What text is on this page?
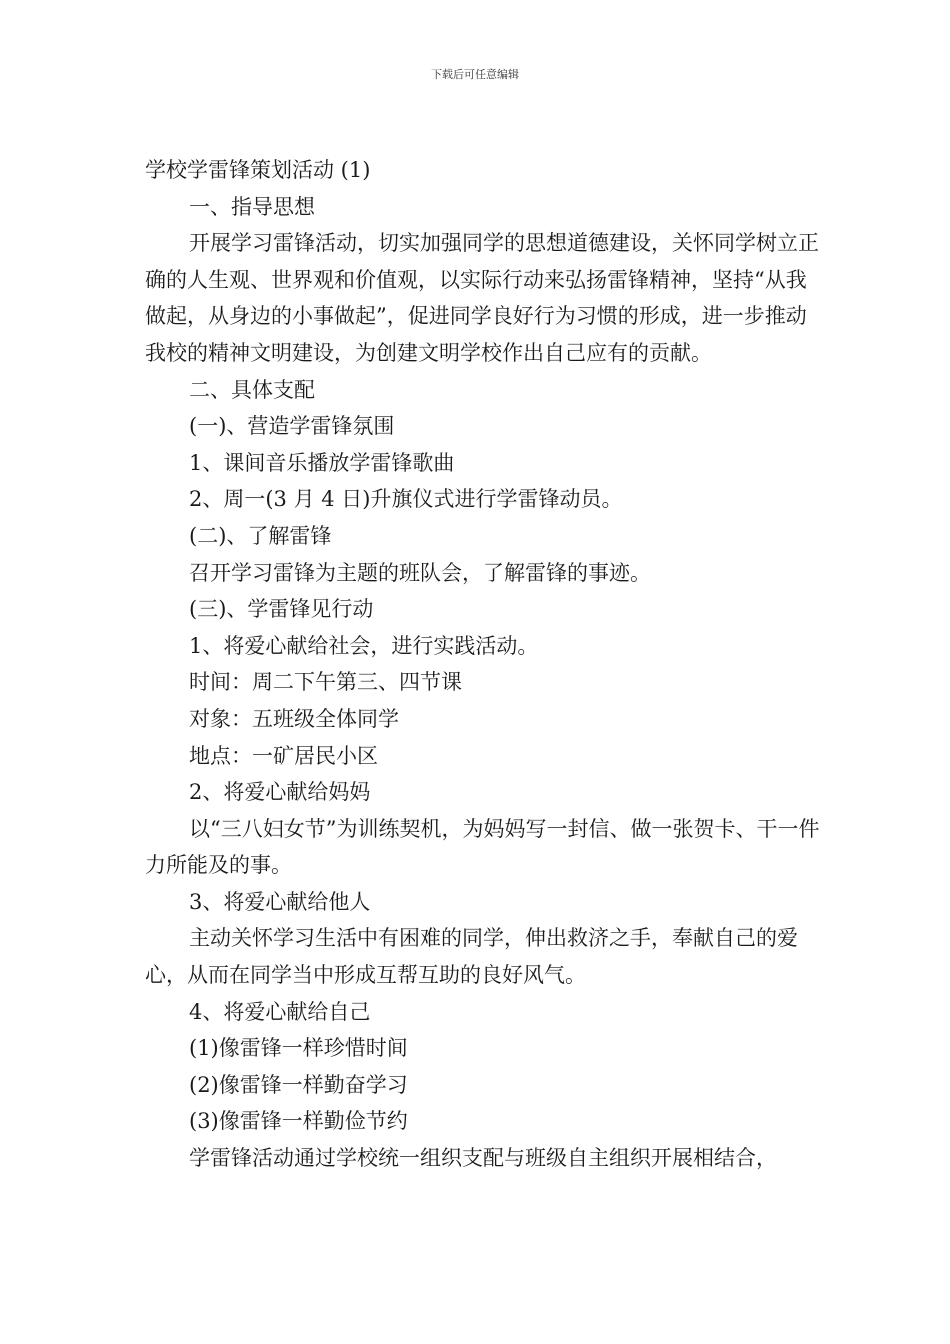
下载后可任意编辑

学校学雷锋策划活动 (1)

一、指导思想

开展学习雷锋活动，切实加强同学的思想道德建设，关怀同学树立正确的人生观、世界观和价值观，以实际行动来弘扬雷锋精神，坚持“从我做起，从身边的小事做起”，促进同学良好行为习惯的形成，进一步推动我校的精神文明建设，为创建文明学校作出自己应有的贡献。

二、具体支配

(一)、营造学雷锋氛围

1、课间音乐播放学雷锋歌曲

2、周一(3 月 4 日)升旗仪式进行学雷锋动员。

(二)、了解雷锋

召开学习雷锋为主题的班队会，了解雷锋的事迹。

(三)、学雷锋见行动

1、将爱心献给社会，进行实践活动。

时间：周二下午第三、四节课

对象：五班级全体同学

地点：一矿居民小区

2、将爱心献给妈妈

以“三八妇女节”为训练契机，为妈妈写一封信、做一张贺卡、干一件力所能及的事。

3、将爱心献给他人

主动关怀学习生活中有困难的同学，伸出救济之手，奉献自己的爱心，从而在同学当中形成互帮互助的良好风气。

4、将爱心献给自己

(1)像雷锋一样珍惜时间

(2)像雷锋一样勤奋学习

(3)像雷锋一样勤俭节约

学雷锋活动通过学校统一组织支配与班级自主组织开展相结合，
